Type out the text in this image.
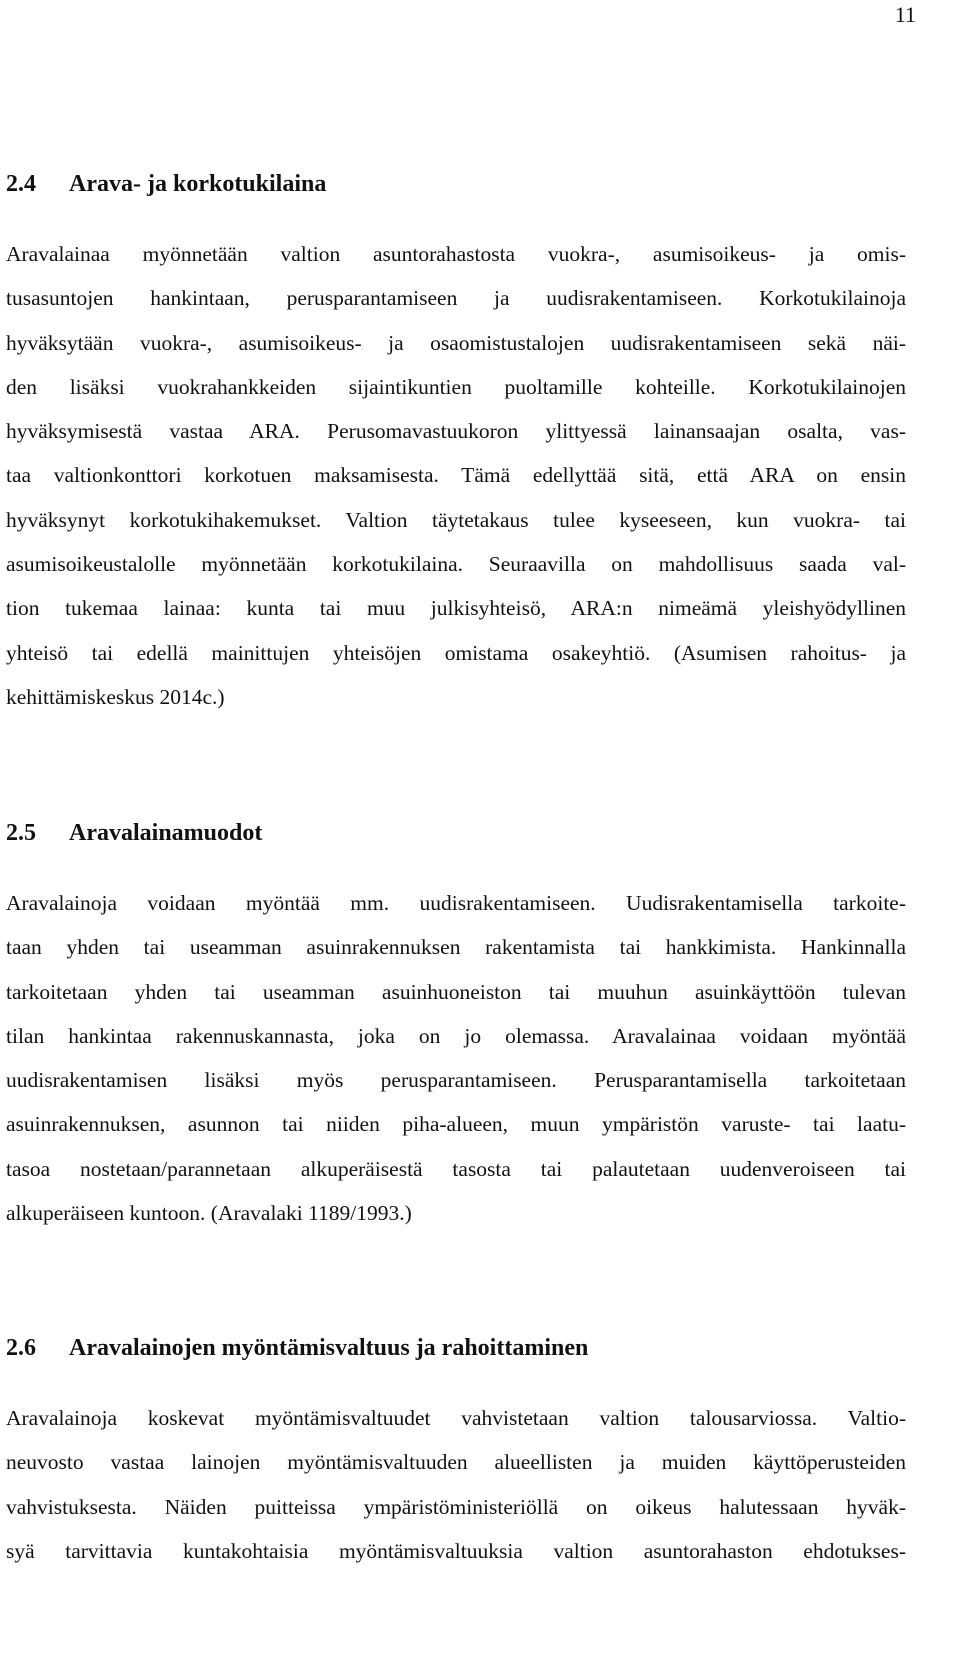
11
2.4 Arava- ja korkotukilaina

Aravalainaa myönnetään valtion asuntorahastosta vuokra-, asumisoikeus- ja omis-
tusasuntojen hankintaan, perusparantamiseen ja uudisrakentamiseen. Korkotukilainoja
hyväksytään vuokra-, asumisoikeus- ja osaomistustalojen uudisrakentamiseen sekä näi-
den lisäksi vuokrahankkeiden sijaintikuntien puoltamille kohteille. Korkotukilainojen
hyväksymisestä vastaa ARA. Perusomavastuukoron ylittyessä lainansaajan osalta, vas-
taa valtionkonttori korkotuen maksamisesta. Tämä edellyttää sitä, että ARA on ensin
hyväksynyt korkotukihakemukset. Valtion täytetakaus tulee kyseeseen, kun vuokra- tai
asumisoikeustalolle myönnetään korkotukilaina. Seuraavilla on mahdollisuus saada val-
tion tukemaa lainaa: kunta tai muu julkisyhteisö, ARA:n nimeämä yleishyödyllinen
yhteisö tai edellä mainittujen yhteisöjen omistama osakeyhtiö. (Asumisen rahoitus- ja
kehittämiskeskus 2014c.)

2.5 Aravalainamuodot

Aravalainoja voidaan myöntää mm. uudisrakentamiseen. Uudisrakentamisella tarkoite-
taan yhden tai useamman asuinrakennuksen rakentamista tai hankkimista. Hankinnalla
tarkoitetaan yhden tai useamman asuinhuoneiston tai muuhun asuinkäyttöön tulevan
tilan hankintaa rakennuskannasta, joka on jo olemassa. Aravalainaa voidaan myöntää
uudisrakentamisen lisäksi myös perusparantamiseen. Perusparantamisella tarkoitetaan
asuinrakennuksen, asunnon tai niiden piha-alueen, muun ympäristön varuste- tai laatu-
tasoa nostetaan/parannetaan alkuperäisestä tasosta tai palautetaan uudenveroiseen tai
alkuperäiseen kuntoon. (Aravalaki 1189/1993.)

2.6 Aravalainojen myöntämisvaltuus ja rahoittaminen

Aravalainoja koskevat myöntämisvaltuudet vahvistetaan valtion talousarviossa. Valtio-
neuvosto vastaa lainojen myöntämisvaltuuden alueellisten ja muiden käyttöperusteiden
vahvistuksesta. Näiden puitteissa ympäristöministeriöllä on oikeus halutessaan hyväk-
syä tarvittavia kuntakohtaisia myöntämisvaltuuksia valtion asuntorahaston ehdotukses-
